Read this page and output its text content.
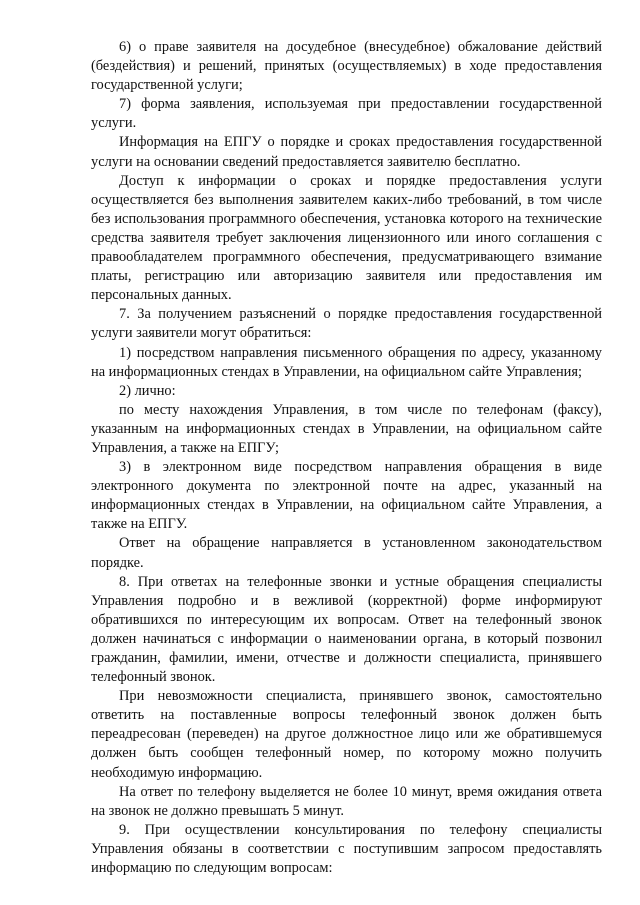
6) о праве заявителя на досудебное (внесудебное) обжалование действий (бездействия) и решений, принятых (осуществляемых) в ходе предоставления государственной услуги;

7) форма заявления, используемая при предоставлении государственной услуги.

Информация на ЕПГУ о порядке и сроках предоставления государственной услуги на основании сведений предоставляется заявителю бесплатно.

Доступ к информации о сроках и порядке предоставления услуги осуществляется без выполнения заявителем каких-либо требований, в том числе без использования программного обеспечения, установка которого на технические средства заявителя требует заключения лицензионного или иного соглашения с правообладателем программного обеспечения, предусматривающего взимание платы, регистрацию или авторизацию заявителя или предоставления им персональных данных.

7. За получением разъяснений о порядке предоставления государственной услуги заявители могут обратиться:

1) посредством направления письменного обращения по адресу, указанному на информационных стендах в Управлении, на официальном сайте Управления;

2) лично:

по месту нахождения Управления, в том числе по телефонам (факсу), указанным на информационных стендах в Управлении, на официальном сайте Управления, а также на ЕПГУ;

3) в электронном виде посредством направления обращения в виде электронного документа по электронной почте на адрес, указанный на информационных стендах в Управлении, на официальном сайте Управления, а также на ЕПГУ.

Ответ на обращение направляется в установленном законодательством порядке.

8. При ответах на телефонные звонки и устные обращения специалисты Управления подробно и в вежливой (корректной) форме информируют обратившихся по интересующим их вопросам. Ответ на телефонный звонок должен начинаться с информации о наименовании органа, в который позвонил гражданин, фамилии, имени, отчестве и должности специалиста, принявшего телефонный звонок.

При невозможности специалиста, принявшего звонок, самостоятельно ответить на поставленные вопросы телефонный звонок должен быть переадресован (переведен) на другое должностное лицо или же обратившемуся должен быть сообщен телефонный номер, по которому можно получить необходимую информацию.

На ответ по телефону выделяется не более 10 минут, время ожидания ответа на звонок не должно превышать 5 минут.

9. При осуществлении консультирования по телефону специалисты Управления обязаны в соответствии с поступившим запросом предоставлять информацию по следующим вопросам:
